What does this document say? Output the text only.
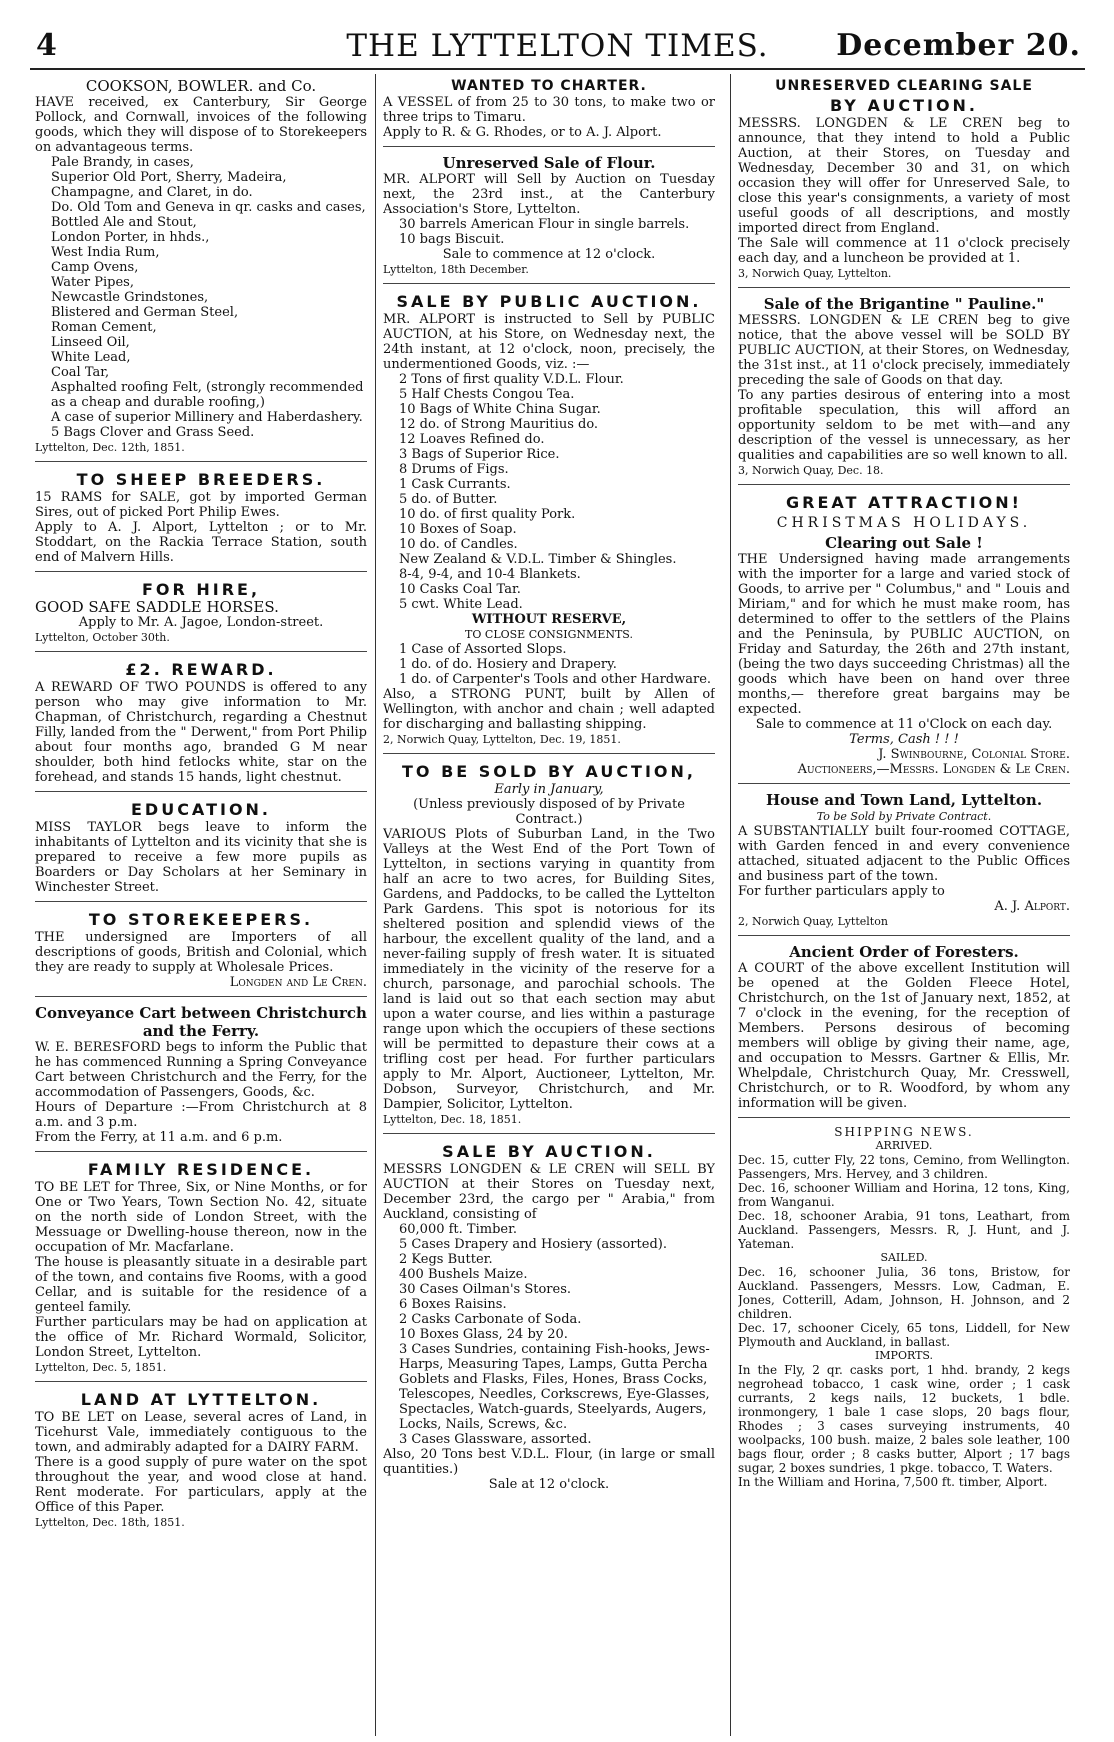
4	THE LYTTELTON TIMES.	December 20.
COOKSON, BOWLER. and Co.

HAVE received, ex Canterbury, Sir George Pollock, and Cornwall, invoices of the following goods, which they will dispose of to Storekeepers on advantageous terms.

Pale Brandy, in cases,
Superior Old Port, Sherry, Madeira, Champagne, and Claret, in do.
Do. Old Tom and Geneva in qr. casks and cases,
Bottled Ale and Stout,
London Porter, in hhds.,
West India Rum,
Camp Ovens,
Water Pipes,
Newcastle Grindstones,
Blistered and German Steel,
Roman Cement,
Linseed Oil,
White Lead,
Coal Tar,
Asphalted roofing Felt, (strongly recommended as a cheap and durable roofing,)
A case of superior Millinery and Haberdashery.
5 Bags Clover and Grass Seed.
Lyttelton, Dec. 12th, 1851.
TO SHEEP BREEDERS.

15 RAMS for SALE, got by imported German Sires, out of picked Port Philip Ewes.

Apply to A. J. Alport, Lyttelton ; or to Mr. Stoddart, on the Rackia Terrace Station, south end of Malvern Hills.

FOR HIRE,

GOOD SAFE SADDLE HORSES.

Apply to Mr. A. Jagoe, London-street.

Lyttelton, October 30th.
£2. REWARD.

A REWARD OF TWO POUNDS is offered to any person who may give information to Mr. Chapman, of Christchurch, regarding a Chestnut Filly, landed from the " Derwent," from Port Philip about four months ago, branded G M near shoulder, both hind fetlocks white, star on the forehead, and stands 15 hands, light chestnut.

EDUCATION.

MISS TAYLOR begs leave to inform the inhabitants of Lyttelton and its vicinity that she is prepared to receive a few more pupils as Boarders or Day Scholars at her Seminary in Winchester Street.

TO STOREKEEPERS.

THE undersigned are Importers of all descriptions of goods, British and Colonial, which they are ready to supply at Wholesale Prices.

Longden and Le Cren.
Conveyance Cart between Christchurch and the Ferry.

W. E. BERESFORD begs to inform the Public that he has commenced Running a Spring Conveyance Cart between Christchurch and the Ferry, for the accommodation of Passengers, Goods, &c.

Hours of Departure :—From Christchurch at 8 a.m. and 3 p.m.

From the Ferry, at 11 a.m. and 6 p.m.

FAMILY RESIDENCE.

TO BE LET for Three, Six, or Nine Months, or for One or Two Years, Town Section No. 42, situate on the north side of London Street, with the Messuage or Dwelling-house thereon, now in the occupation of Mr. Macfarlane.

The house is pleasantly situate in a desirable part of the town, and contains five Rooms, with a good Cellar, and is suitable for the residence of a genteel family.

Further particulars may be had on application at the office of Mr. Richard Wormald, Solicitor, London Street, Lyttelton.

Lyttelton, Dec. 5, 1851.
LAND AT LYTTELTON.

TO BE LET on Lease, several acres of Land, in Ticehurst Vale, immediately contiguous to the town, and admirably adapted for a DAIRY FARM.

There is a good supply of pure water on the spot throughout the year, and wood close at hand. Rent moderate. For particulars, apply at the Office of this Paper.

Lyttelton, Dec. 18th, 1851.
WANTED TO CHARTER.

A VESSEL of from 25 to 30 tons, to make two or three trips to Timaru.

Apply to R. & G. Rhodes, or to A. J. Alport.

Unreserved Sale of Flour.

MR. ALPORT will Sell by Auction on Tuesday next, the 23rd inst., at the Canterbury Association's Store, Lyttelton.

30 barrels American Flour in single barrels.
10 bags Biscuit.

Sale to commence at 12 o'clock.

Lyttelton, 18th December.
SALE BY PUBLIC AUCTION.

MR. ALPORT is instructed to Sell by PUBLIC AUCTION, at his Store, on Wednesday next, the 24th instant, at 12 o'clock, noon, precisely, the undermentioned Goods, viz. :—

2 Tons of first quality V.D.L. Flour.
5 Half Chests Congou Tea.
10 Bags of White China Sugar.
12 do. of Strong Mauritius do.
12 Loaves Refined do.
3 Bags of Superior Rice.
8 Drums of Figs.
1 Cask Currants.
5 do. of Butter.
10 do. of first quality Pork.
10 Boxes of Soap.
10 do. of Candles.
New Zealand & V.D.L. Timber & Shingles.
8-4, 9-4, and 10-4 Blankets.
10 Casks Coal Tar.
5 cwt. White Lead.
WITHOUT RESERVE,
TO CLOSE CONSIGNMENTS.
1 Case of Assorted Slops.
1 do. of do. Hosiery and Drapery.
1 do. of Carpenter's Tools and other Hardware.

Also, a STRONG PUNT, built by Allen of Wellington, with anchor and chain ; well adapted for discharging and ballasting shipping.

2, Norwich Quay, Lyttelton, Dec. 19, 1851.
TO BE SOLD BY AUCTION,
Early in January,
(Unless previously disposed of by Private Contract.)

VARIOUS Plots of Suburban Land, in the Two Valleys at the West End of the Port Town of Lyttelton, in sections varying in quantity from half an acre to two acres, for Building Sites, Gardens, and Paddocks, to be called the Lyttelton Park Gardens. This spot is notorious for its sheltered position and splendid views of the harbour, the excellent quality of the land, and a never-failing supply of fresh water. It is situated immediately in the vicinity of the reserve for a church, parsonage, and parochial schools. The land is laid out so that each section may abut upon a water course, and lies within a pasturage range upon which the occupiers of these sections will be permitted to depasture their cows at a trifling cost per head. For further particulars apply to Mr. Alport, Auctioneer, Lyttelton, Mr. Dobson, Surveyor, Christchurch, and Mr. Dampier, Solicitor, Lyttelton.

Lyttelton, Dec. 18, 1851.
SALE BY AUCTION.

MESSRS LONGDEN & LE CREN will SELL BY AUCTION at their Stores on Tuesday next, December 23rd, the cargo per " Arabia," from Auckland, consisting of

60,000 ft. Timber.
5 Cases Drapery and Hosiery (assorted).
2 Kegs Butter.
400 Bushels Maize.
30 Cases Oilman's Stores.
6 Boxes Raisins.
2 Casks Carbonate of Soda.
10 Boxes Glass, 24 by 20.
3 Cases Sundries, containing Fish-hooks, Jews-Harps, Measuring Tapes, Lamps, Gutta Percha Goblets and Flasks, Files, Hones, Brass Cocks, Telescopes, Needles, Corkscrews, Eye-Glasses, Spectacles, Watch-guards, Steelyards, Augers, Locks, Nails, Screws, &c.
3 Cases Glassware, assorted.

Also, 20 Tons best V.D.L. Flour, (in large or small quantities.)

Sale at 12 o'clock.

UNRESERVED CLEARING SALE
BY AUCTION.

MESSRS. LONGDEN & LE CREN beg to announce, that they intend to hold a Public Auction, at their Stores, on Tuesday and Wednesday, December 30 and 31, on which occasion they will offer for Unreserved Sale, to close this year's consignments, a variety of most useful goods of all descriptions, and mostly imported direct from England.

The Sale will commence at 11 o'clock precisely each day, and a luncheon be provided at 1.

3, Norwich Quay, Lyttelton.
Sale of the Brigantine " Pauline."

MESSRS. LONGDEN & LE CREN beg to give notice, that the above vessel will be SOLD BY PUBLIC AUCTION, at their Stores, on Wednesday, the 31st inst., at 11 o'clock precisely, immediately preceding the sale of Goods on that day.

To any parties desirous of entering into a most profitable speculation, this will afford an opportunity seldom to be met with—and any description of the vessel is unnecessary, as her qualities and capabilities are so well known to all.

3, Norwich Quay, Dec. 18.
GREAT ATTRACTION!
CHRISTMAS HOLIDAYS.
Clearing out Sale !

THE Undersigned having made arrangements with the importer for a large and varied stock of Goods, to arrive per " Columbus," and " Louis and Miriam," and for which he must make room, has determined to offer to the settlers of the Plains and the Peninsula, by PUBLIC AUCTION, on Friday and Saturday, the 26th and 27th instant, (being the two days succeeding Christmas) all the goods which have been on hand over three months,— therefore great bargains may be expected.

Sale to commence at 11 o'Clock on each day.

Terms, Cash ! ! !

J. Swinbourne, Colonial Store.
Auctioneers,—Messrs. Longden & Le Cren.
House and Town Land, Lyttelton.
To be Sold by Private Contract.

A SUBSTANTIALLY built four-roomed COTTAGE, with Garden fenced in and every convenience attached, situated adjacent to the Public Offices and business part of the town.

For further particulars apply to

A. J. Alport.
2, Norwich Quay, Lyttelton
Ancient Order of Foresters.

A COURT of the above excellent Institution will be opened at the Golden Fleece Hotel, Christchurch, on the 1st of January next, 1852, at 7 o'clock in the evening, for the reception of Members. Persons desirous of becoming members will oblige by giving their name, age, and occupation to Messrs. Gartner & Ellis, Mr. Whelpdale, Christchurch Quay, Mr. Cresswell, Christchurch, or to R. Woodford, by whom any information will be given.

SHIPPING NEWS.
ARRIVED.

Dec. 15, cutter Fly, 22 tons, Cemino, from Wellington. Passengers, Mrs. Hervey, and 3 children.

Dec. 16, schooner William and Horina, 12 tons, King, from Wanganui.

Dec. 18, schooner Arabia, 91 tons, Leathart, from Auckland. Passengers, Messrs. R, J. Hunt, and J. Yateman.

SAILED.

Dec. 16, schooner Julia, 36 tons, Bristow, for Auckland. Passengers, Messrs. Low, Cadman, E. Jones, Cotterill, Adam, Johnson, H. Johnson, and 2 children.

Dec. 17, schooner Cicely, 65 tons, Liddell, for New Plymouth and Auckland, in ballast.

IMPORTS.

In the Fly, 2 qr. casks port, 1 hhd. brandy, 2 kegs negrohead tobacco, 1 cask wine, order ; 1 cask currants, 2 kegs nails, 12 buckets, 1 bdle. ironmongery, 1 bale 1 case slops, 20 bags flour, Rhodes ; 3 cases surveying instruments, 40 woolpacks, 100 bush. maize, 2 bales sole leather, 100 bags flour, order ; 8 casks butter, Alport ; 17 bags sugar, 2 boxes sundries, 1 pkge. tobacco, T. Waters.

In the William and Horina, 7,500 ft. timber, Alport.
